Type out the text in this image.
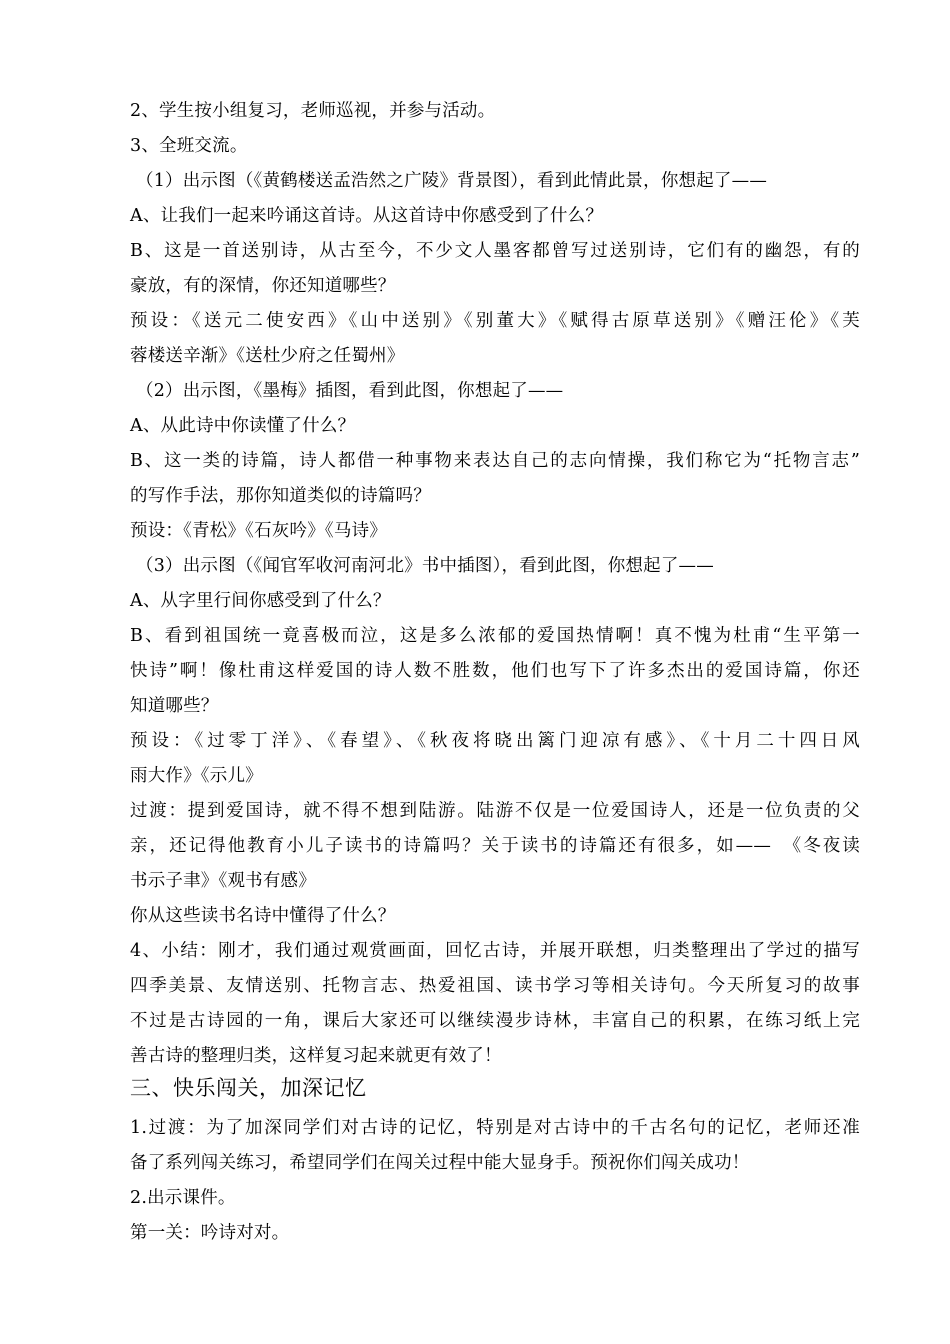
2、学生按小组复习，老师巡视，并参与活动。
3、全班交流。
（1）出示图（《黄鹤楼送孟浩然之广陵》背景图），看到此情此景，你想起了——
A、让我们一起来吟诵这首诗。从这首诗中你感受到了什么？
B、这是一首送别诗，从古至今，不少文人墨客都曾写过送别诗，它们有的幽怨，有的
豪放，有的深情，你还知道哪些？
预设：《送元二使安西》《山中送别》《别董大》《赋得古原草送别》《赠汪伦》《芙
蓉楼送辛渐》《送杜少府之任蜀州》
（2）出示图，《墨梅》插图，看到此图，你想起了——
A、从此诗中你读懂了什么？
B、这一类的诗篇，诗人都借一种事物来表达自己的志向情操，我们称它为“托物言志”
的写作手法，那你知道类似的诗篇吗？
预设：《青松》《石灰吟》《马诗》
（3）出示图（《闻官军收河南河北》书中插图），看到此图，你想起了——
A、从字里行间你感受到了什么？
B、看到祖国统一竟喜极而泣，这是多么浓郁的爱国热情啊！真不愧为杜甫“生平第一
快诗”啊！像杜甫这样爱国的诗人数不胜数，他们也写下了许多杰出的爱国诗篇，你还
知道哪些？
预设：《过零丁洋》、《春望》、《秋夜将晓出篱门迎凉有感》、《十月二十四日风
雨大作》《示儿》
过渡：提到爱国诗，就不得不想到陆游。陆游不仅是一位爱国诗人，还是一位负责的父
亲，还记得他教育小儿子读书的诗篇吗？关于读书的诗篇还有很多，如——　《冬夜读
书示子聿》《观书有感》
你从这些读书名诗中懂得了什么？
4、小结：刚才，我们通过观赏画面，回忆古诗，并展开联想，归类整理出了学过的描写
四季美景、友情送别、托物言志、热爱祖国、读书学习等相关诗句。今天所复习的故事
不过是古诗园的一角，课后大家还可以继续漫步诗林，丰富自己的积累，在练习纸上完
善古诗的整理归类，这样复习起来就更有效了！
三、快乐闯关，加深记忆
1.过渡：为了加深同学们对古诗的记忆，特别是对古诗中的千古名句的记忆，老师还准
备了系列闯关练习，希望同学们在闯关过程中能大显身手。预祝你们闯关成功！
2.出示课件。
第一关：吟诗对对。
